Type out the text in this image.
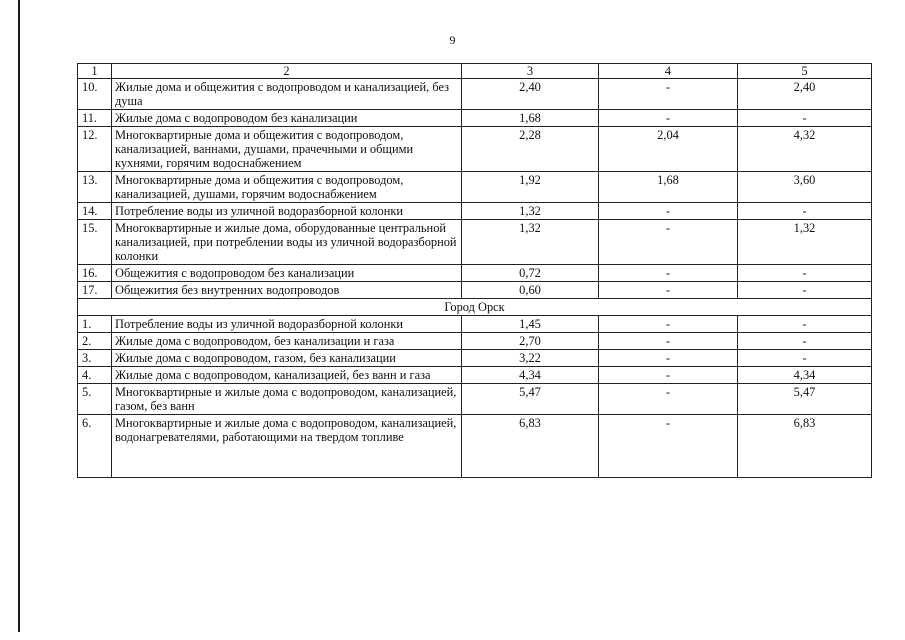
9
1	2	3	4	5
10.	Жилые дома и общежития с водопроводом и канализацией, без душа	2,40	-	2,40
11.	Жилые дома с водопроводом без канализации	1,68	-	-
12.	Многоквартирные дома и общежития с водопроводом, канализацией, ваннами, душами, прачечными и общими кухнями, горячим водоснабжением	2,28	2,04	4,32
13.	Многоквартирные дома и общежития с водопроводом, канализацией, душами, горячим водоснабжением	1,92	1,68	3,60
14.	Потребление воды из уличной водоразборной колонки	1,32	-	-
15.	Многоквартирные и жилые дома, оборудованные центральной канализацией, при потреблении воды из уличной водоразборной колонки	1,32	-	1,32
16.	Общежития с водопроводом без канализации	0,72	-	-
17.	Общежития без внутренних водопроводов	0,60	-	-
Город Орск				
1.	Потребление воды из уличной водоразборной колонки	1,45	-	-
2.	Жилые дома с водопроводом, без канализации и газа	2,70	-	-
3.	Жилые дома с водопроводом, газом, без канализации	3,22	-	-
4.	Жилые дома с водопроводом, канализацией, без ванн и газа	4,34	-	4,34
5.	Многоквартирные и жилые дома с водопроводом, канализацией, газом, без ванн	5,47	-	5,47
6.	Многоквартирные и жилые дома с водопроводом, канализацией, водонагревателями, работающими на твердом топливе	6,83	-	6,83
